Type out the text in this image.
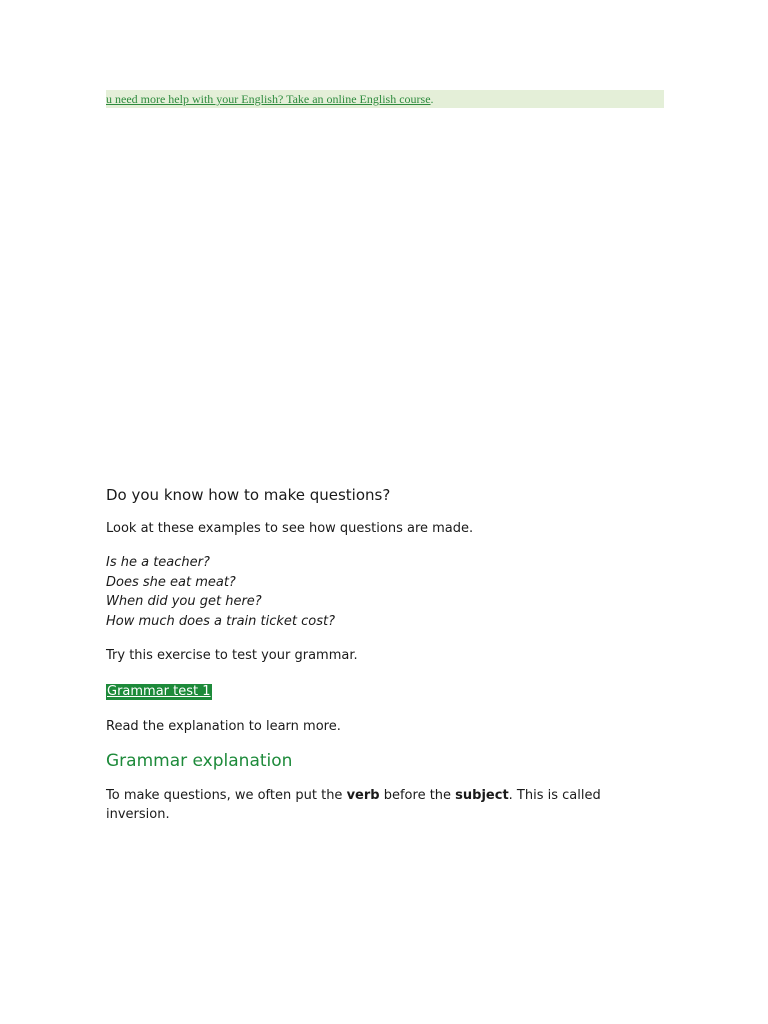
u need more help with your English? Take an online English course.
Do you know how to make questions?

Look at these examples to see how questions are made.

Is he a teacher?
Does she eat meat?
When did you get here?
How much does a train ticket cost?

Try this exercise to test your grammar.

Grammar test 1

Read the explanation to learn more.

Grammar explanation

To make questions, we often put the verb before the subject. This is called inversion.
